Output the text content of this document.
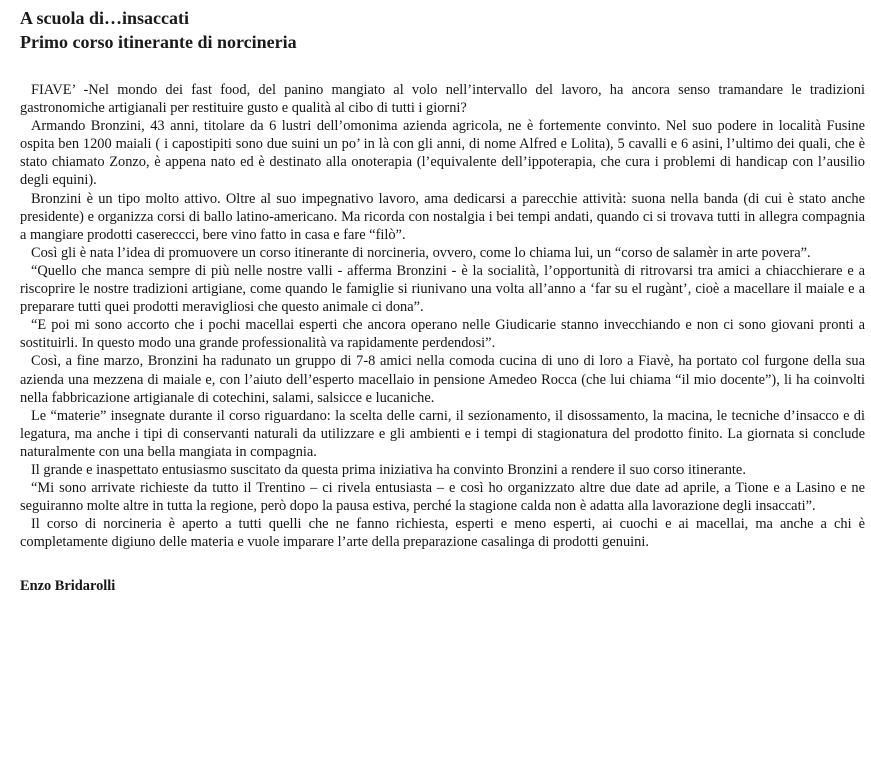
A scuola di…insaccati
Primo corso itinerante di norcineria

FIAVE’ -Nel mondo dei fast food, del panino mangiato al volo nell’intervallo del lavoro, ha ancora senso tramandare le tradizioni gastronomiche artigianali per restituire gusto e qualità al cibo di tutti i giorni?

Armando Bronzini, 43 anni, titolare da 6 lustri dell’omonima azienda agricola, ne è fortemente convinto. Nel suo podere in località Fusine ospita ben 1200 maiali ( i capostipiti sono due suini un po’ in là con gli anni, di nome Alfred e Lolita), 5 cavalli e 6 asini, l’ultimo dei quali, che è stato chiamato Zonzo, è appena nato ed è destinato alla onoterapia (l’equivalente dell’ippoterapia, che cura i problemi di handicap con l’ausilio degli equini).

Bronzini è un tipo molto attivo. Oltre al suo impegnativo lavoro, ama dedicarsi a parecchie attività: suona nella banda (di cui è stato anche presidente) e organizza corsi di ballo latino-americano. Ma ricorda con nostalgia i bei tempi andati, quando ci si trovava tutti in allegra compagnia a mangiare prodotti casereccci, bere vino fatto in casa e fare “filò”.

Così gli è nata l’idea di promuovere un corso itinerante di norcineria, ovvero, come lo chiama lui, un “corso de salamèr in arte povera”.

“Quello che manca sempre di più nelle nostre valli - afferma Bronzini - è la socialità, l’opportunità di ritrovarsi tra amici a chiacchierare e a riscoprire le nostre tradizioni artigiane, come quando le famiglie si riunivano una volta all’anno a ‘far su el rugànt’, cioè a macellare il maiale e a preparare tutti quei prodotti meravigliosi che questo animale ci dona”.

“E poi mi sono accorto che i pochi macellai esperti che ancora operano nelle Giudicarie stanno invecchiando e non ci sono giovani pronti a sostituirli. In questo modo una grande professionalità va rapidamente perdendosi”.

Così, a fine marzo, Bronzini ha radunato un gruppo di 7-8 amici nella comoda cucina di uno di loro a Fiavè, ha portato col furgone della sua azienda una mezzena di maiale e, con l’aiuto dell’esperto macellaio in pensione Amedeo Rocca (che lui chiama “il mio docente”), li ha coinvolti nella fabbricazione artigianale di cotechini, salami, salsicce e lucaniche.

Le “materie” insegnate durante il corso riguardano: la scelta delle carni, il sezionamento, il disossamento, la macina, le tecniche d’insacco e di legatura, ma anche i tipi di conservanti naturali da utilizzare e gli ambienti e i tempi di stagionatura del prodotto finito. La giornata si conclude naturalmente con una bella mangiata in compagnia.

Il grande e inaspettato entusiasmo suscitato da questa prima iniziativa ha convinto Bronzini a rendere il suo corso itinerante.

“Mi sono arrivate richieste da tutto il Trentino – ci rivela entusiasta – e così ho organizzato altre due date ad aprile, a Tione e a Lasino e ne seguiranno molte altre in tutta la regione, però dopo la pausa estiva, perché la stagione calda non è adatta alla lavorazione degli insaccati”.

Il corso di norcineria è aperto a tutti quelli che ne fanno richiesta, esperti e meno esperti, ai cuochi e ai macellai, ma anche a chi è completamente digiuno delle materia e vuole imparare l’arte della preparazione casalinga di prodotti genuini.

Enzo Bridarolli
